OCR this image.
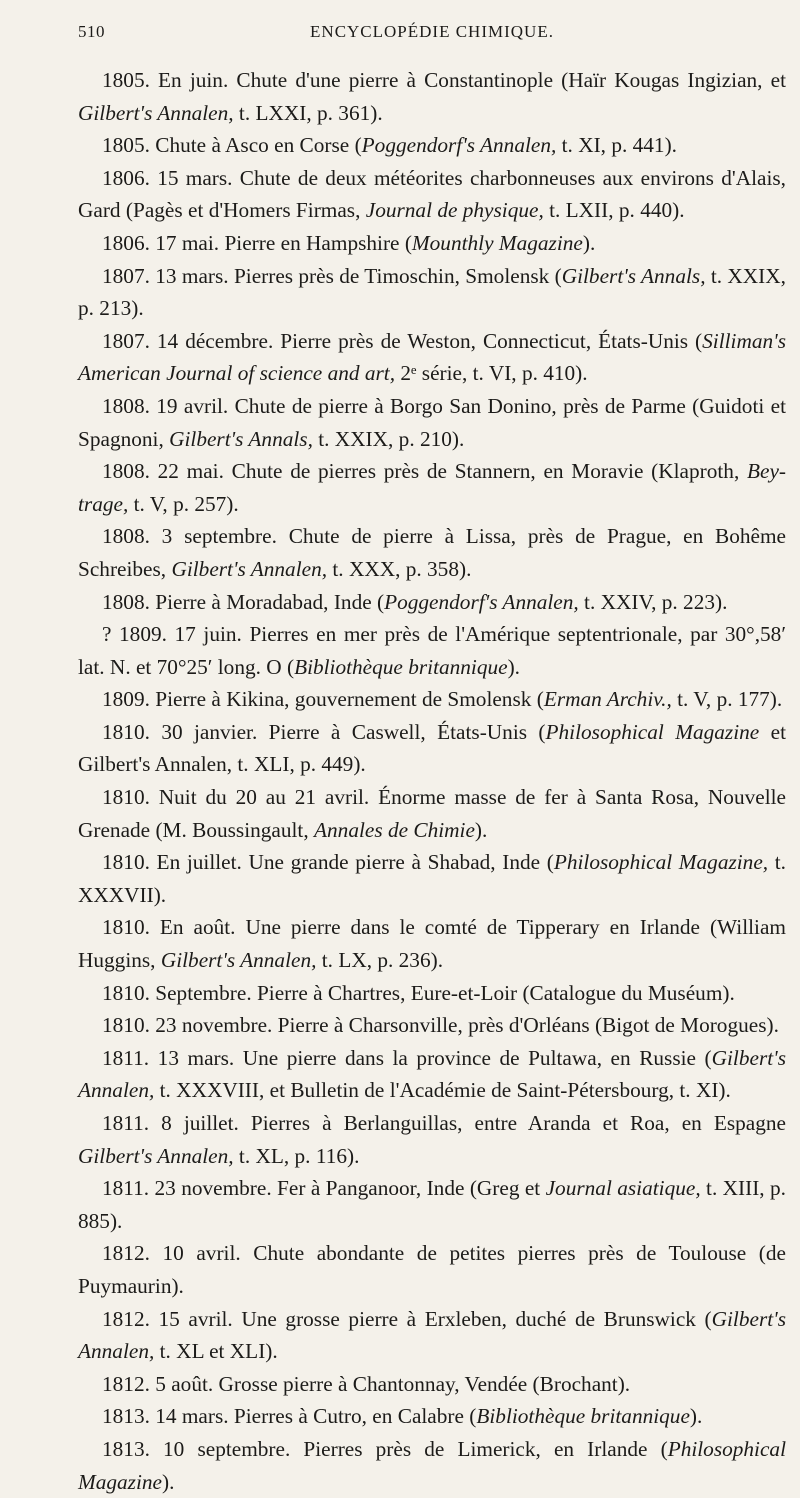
510	ENCYCLOPÉDIE CHIMIQUE.

1805. En juin. Chute d'une pierre à Constantinople (Haïr Kougas Ingizian, et Gilbert's Annalen, t. LXXI, p. 361).

1805. Chute à Asco en Corse (Poggendorf's Annalen, t. XI, p. 441).

1806. 15 mars. Chute de deux météorites charbonneuses aux environs d'Alais, Gard (Pagès et d'Homers Firmas, Journal de physique, t. LXII, p. 440).

1806. 17 mai. Pierre en Hampshire (Mounthly Magazine).

1807. 13 mars. Pierres près de Timoschin, Smolensk (Gilbert's Annals, t. XXIX, p. 213).

1807. 14 décembre. Pierre près de Weston, Connecticut, États-Unis (Silliman's American Journal of science and art, 2ᵉ série, t. VI, p. 410).

1808. 19 avril. Chute de pierre à Borgo San Donino, près de Parme (Guidoti et Spagnoni, Gilbert's Annals, t. XXIX, p. 210).

1808. 22 mai. Chute de pierres près de Stannern, en Moravie (Klaproth, Bey-trage, t. V, p. 257).

1808. 3 septembre. Chute de pierre à Lissa, près de Prague, en Bohême Schreibes, Gilbert's Annalen, t. XXX, p. 358).

1808. Pierre à Moradabad, Inde (Poggendorf's Annalen, t. XXIV, p. 223).

? 1809. 17 juin. Pierres en mer près de l'Amérique septentrionale, par 30°,58′ lat. N. et 70°25′ long. O (Bibliothèque britannique).

1809. Pierre à Kikina, gouvernement de Smolensk (Erman Archiv., t. V, p. 177).

1810. 30 janvier. Pierre à Caswell, États-Unis (Philosophical Magazine et Gilbert's Annalen, t. XLI, p. 449).

1810. Nuit du 20 au 21 avril. Énorme masse de fer à Santa Rosa, Nouvelle Grenade (M. Boussingault, Annales de Chimie).

1810. En juillet. Une grande pierre à Shabad, Inde (Philosophical Magazine, t. XXXVII).

1810. En août. Une pierre dans le comté de Tipperary en Irlande (William Huggins, Gilbert's Annalen, t. LX, p. 236).

1810. Septembre. Pierre à Chartres, Eure-et-Loir (Catalogue du Muséum).

1810. 23 novembre. Pierre à Charsonville, près d'Orléans (Bigot de Morogues).

1811. 13 mars. Une pierre dans la province de Pultawa, en Russie (Gilbert's Annalen, t. XXXVIII, et Bulletin de l'Académie de Saint-Pétersbourg, t. XI).

1811. 8 juillet. Pierres à Berlanguillas, entre Aranda et Roa, en Espagne Gilbert's Annalen, t. XL, p. 116).

1811. 23 novembre. Fer à Panganoor, Inde (Greg et Journal asiatique, t. XIII, p. 885).

1812. 10 avril. Chute abondante de petites pierres près de Toulouse (de Puymaurin).

1812. 15 avril. Une grosse pierre à Erxleben, duché de Brunswick (Gilbert's Annalen, t. XL et XLI).

1812. 5 août. Grosse pierre à Chantonnay, Vendée (Brochant).

1813. 14 mars. Pierres à Cutro, en Calabre (Bibliothèque britannique).

1813. 10 septembre. Pierres près de Limerick, en Irlande (Philosophical Magazine).
